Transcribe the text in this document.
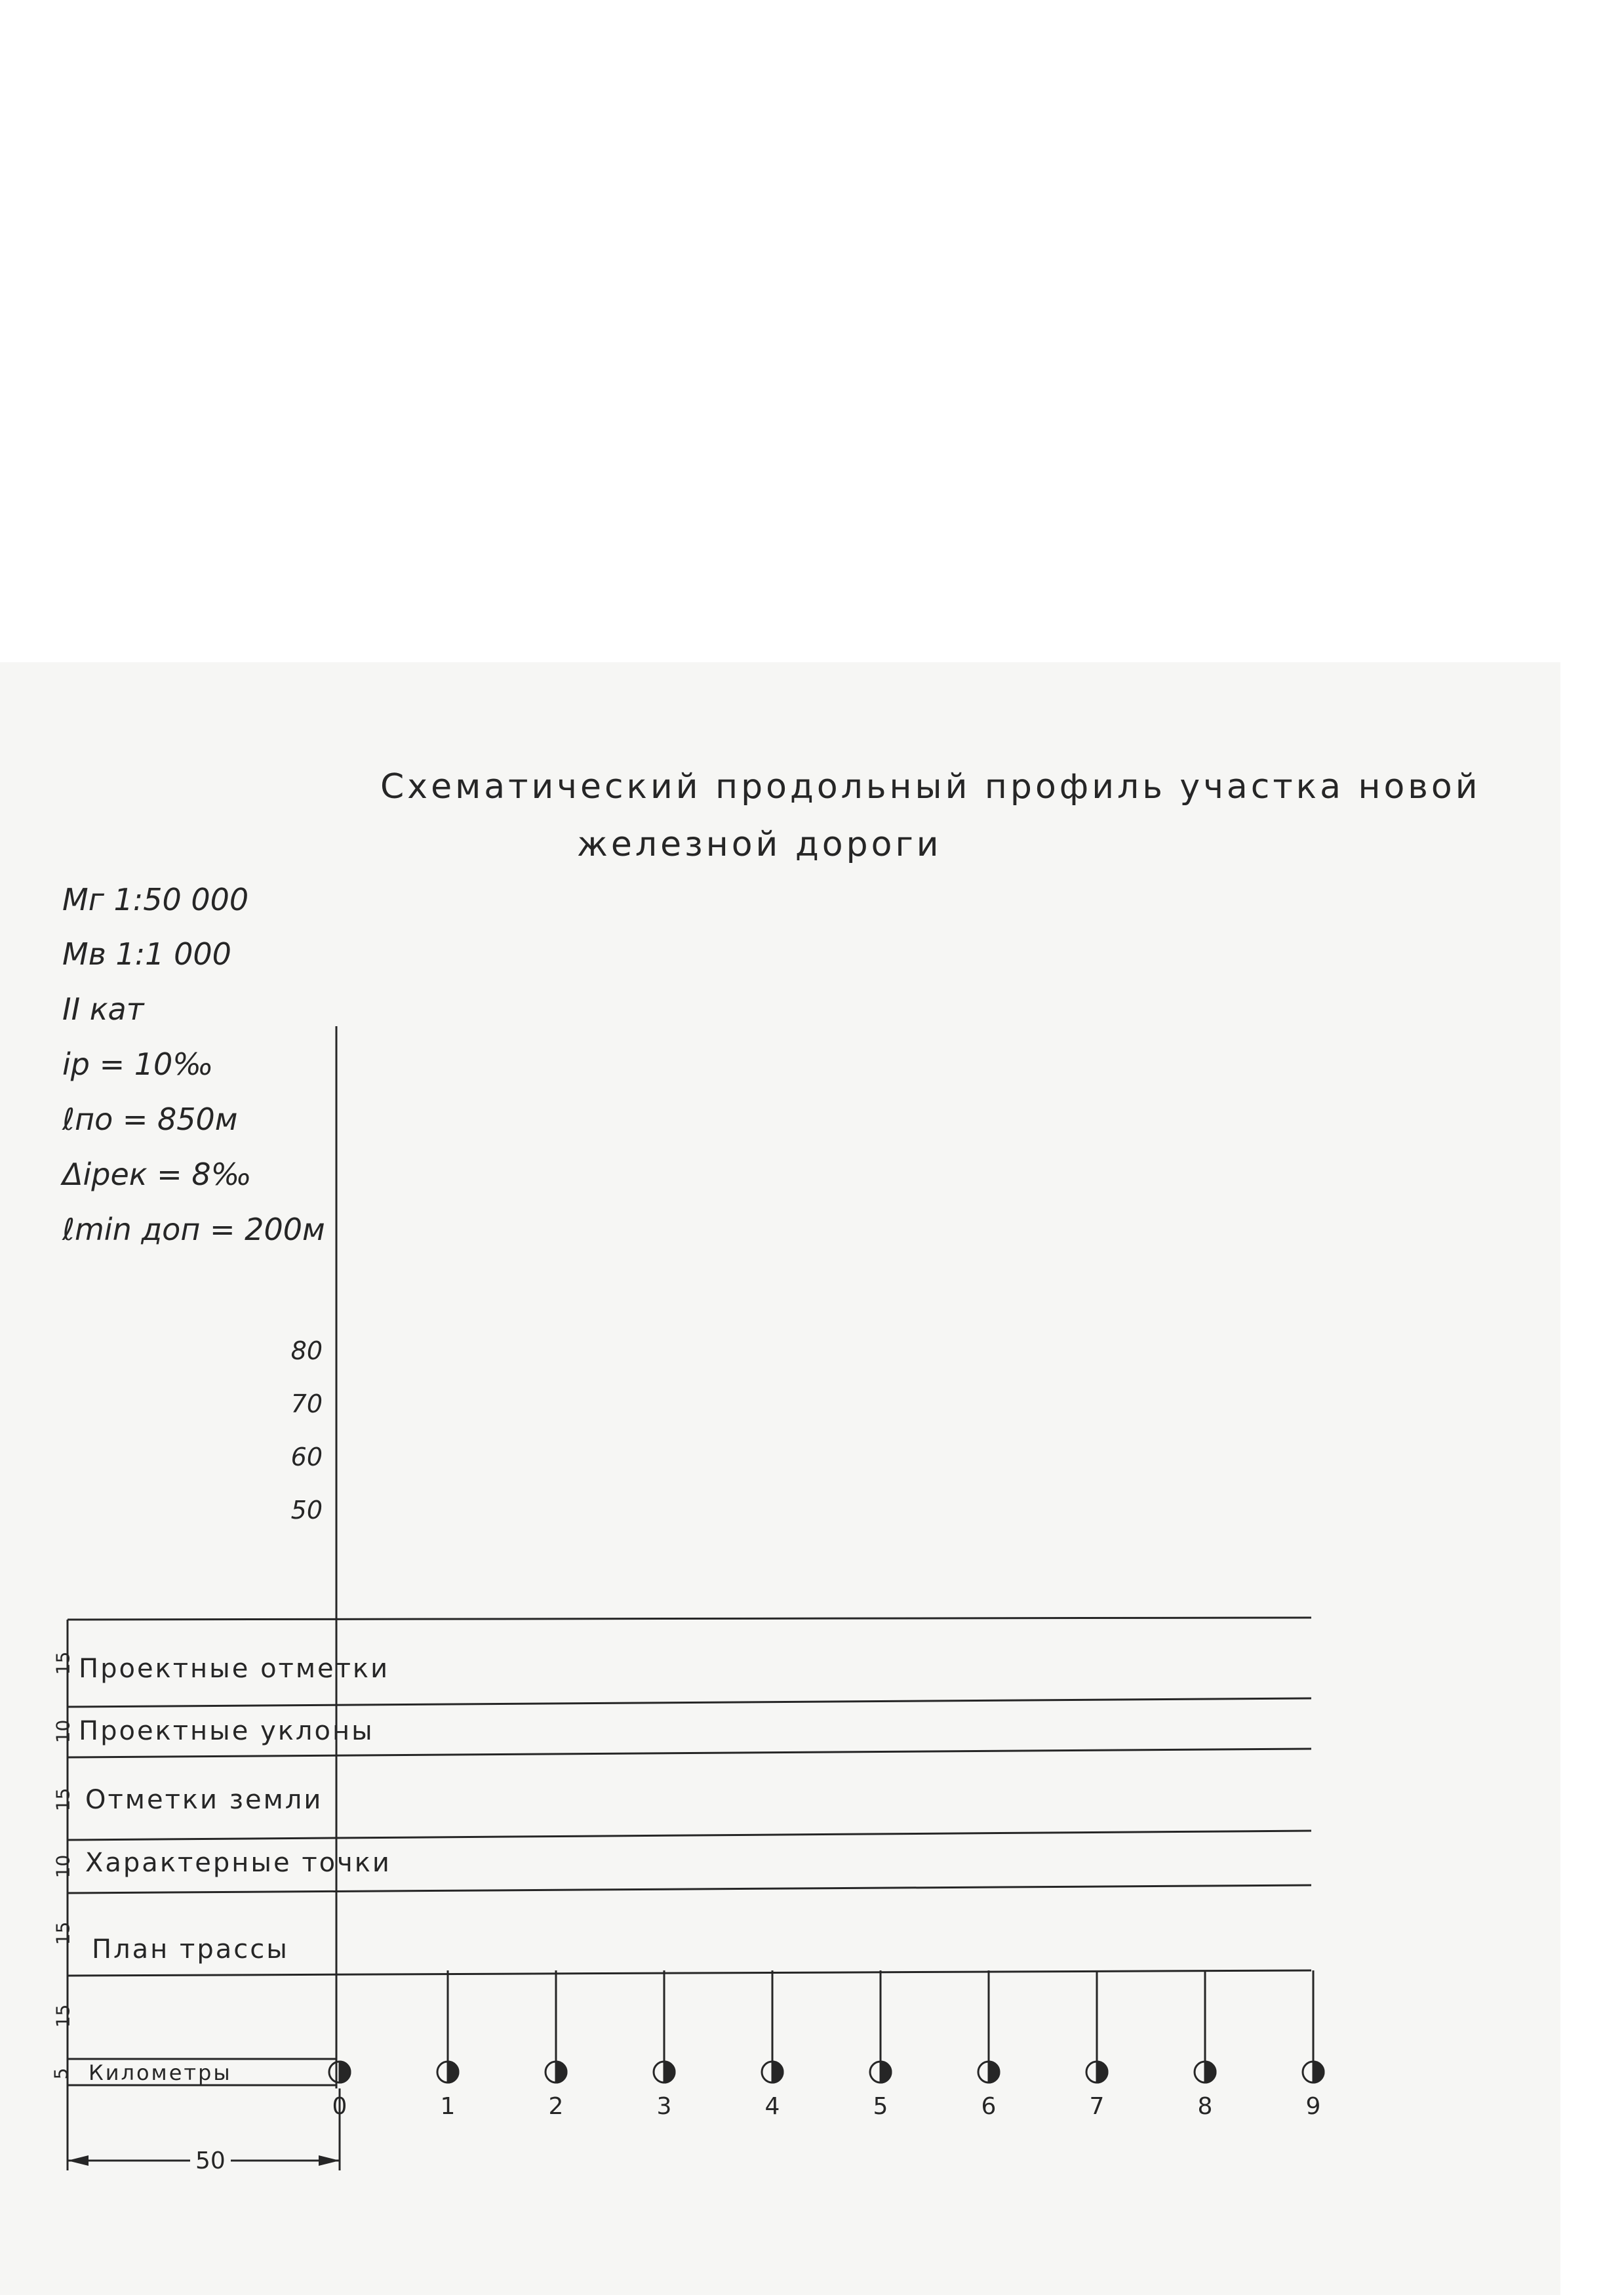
Схематический продольный профиль участка новой
железной дороги
Мг 1:50 000
Мв 1:1 000
II кат
iр = 10‰
ℓпо = 850м
Δiрек = 8‰
ℓmin доп = 200м
80
70
60
50
15
10
15
10
15
15
5
Проектные отметки
Проектные уклоны
Отметки земли
Характерные точки
План трассы
Километры
0	1	2	3	4	5	6	7	8	9
50
